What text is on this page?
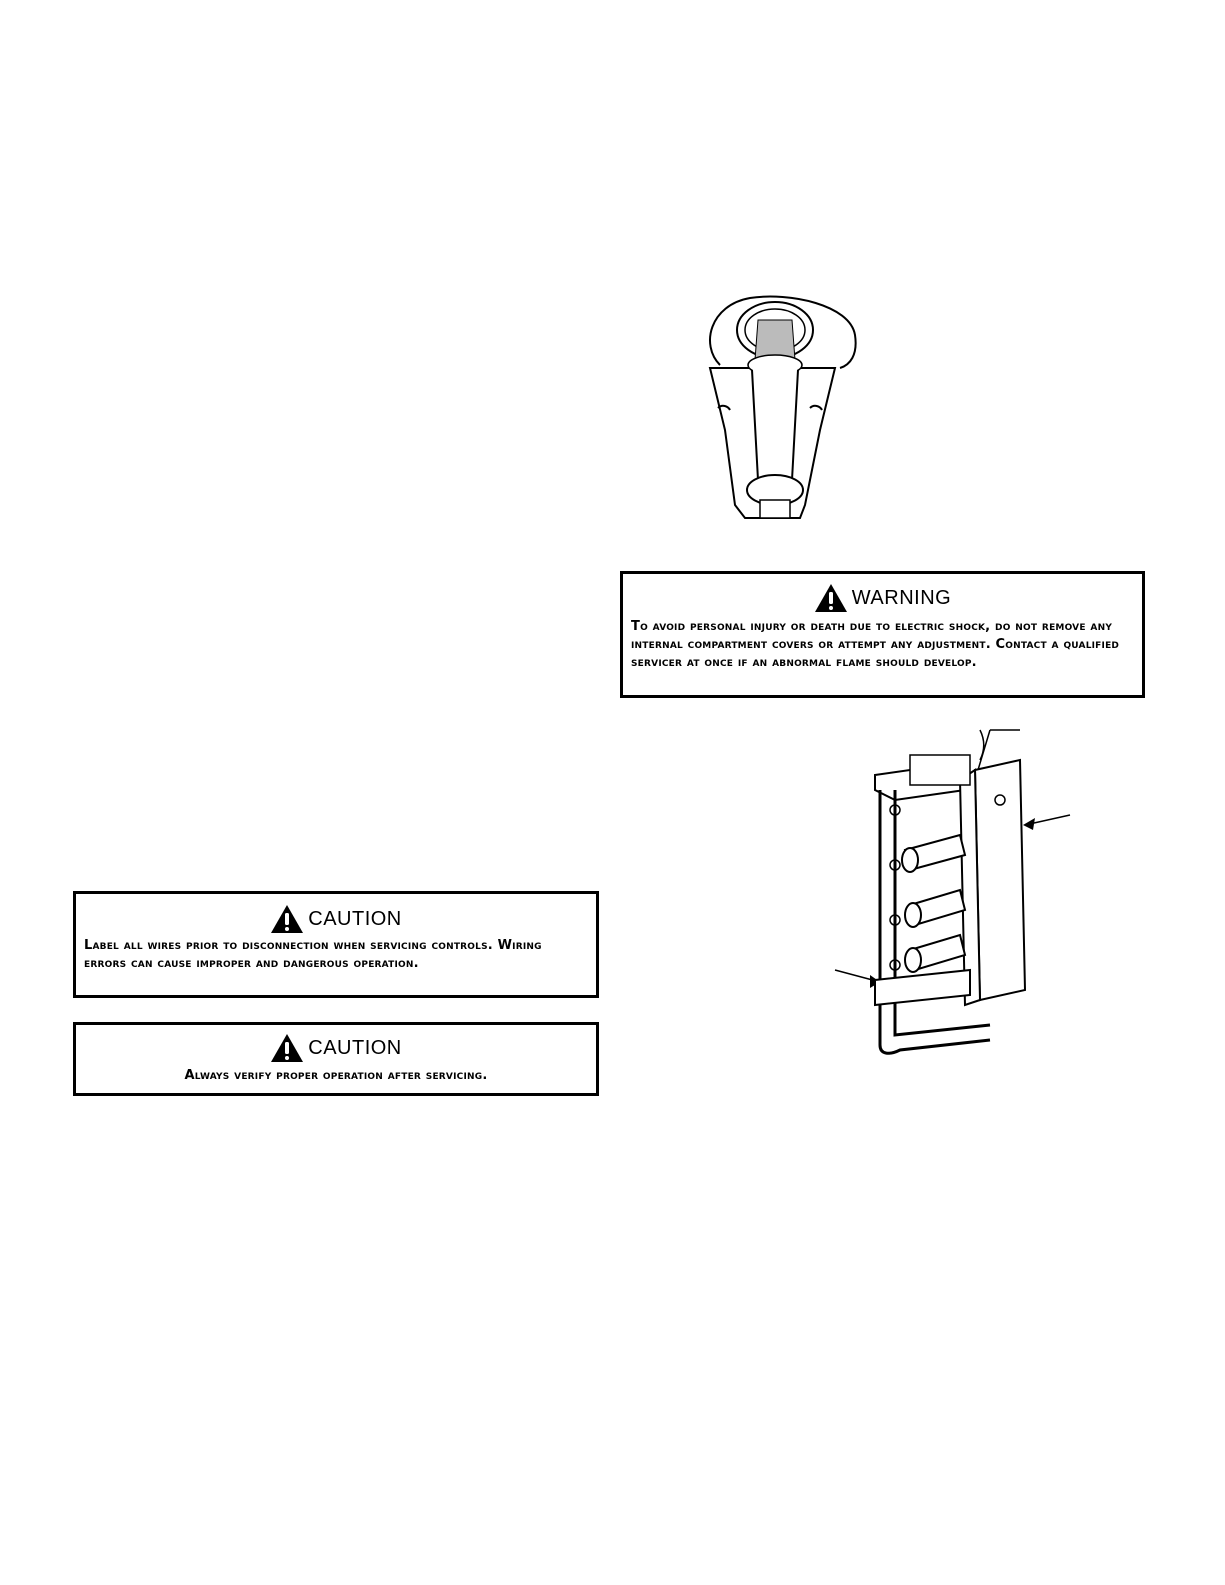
WARNING
To avoid personal injury or death due to electric shock, do not remove any internal compartment covers or attempt any adjustment. Contact a qualified servicer at once if an abnormal flame should develop.
CAUTION
Label all wires prior to disconnection when servicing controls. Wiring errors can cause improper and dangerous operation.
CAUTION
Always verify proper operation after servicing.
